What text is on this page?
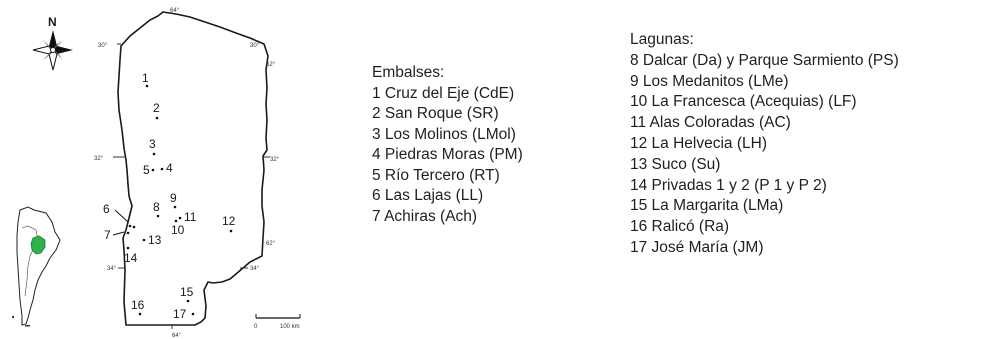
N
64°
64°
30°	30°
32°	32°
34°	34°
62°
62°
1
2
3
5 4
9
8
11
10
12
6
7	13
14
15
16
17
0	100 km
Embalses:
1 Cruz del Eje (CdE)
2 San Roque (SR)
3 Los Molinos (LMol)
4 Piedras Moras (PM)
5 Río Tercero (RT)
6 Las Lajas (LL)
7 Achiras (Ach)
Lagunas:
8 Dalcar (Da) y Parque Sarmiento (PS)
9 Los Medanitos (LMe)
10 La Francesca (Acequias) (LF)
11 Alas Coloradas (AC)
12 La Helvecia (LH)
13 Suco (Su)
14 Privadas 1 y 2 (P 1 y P 2)
15 La Margarita (LMa)
16 Ralicó (Ra)
17 José María (JM)
